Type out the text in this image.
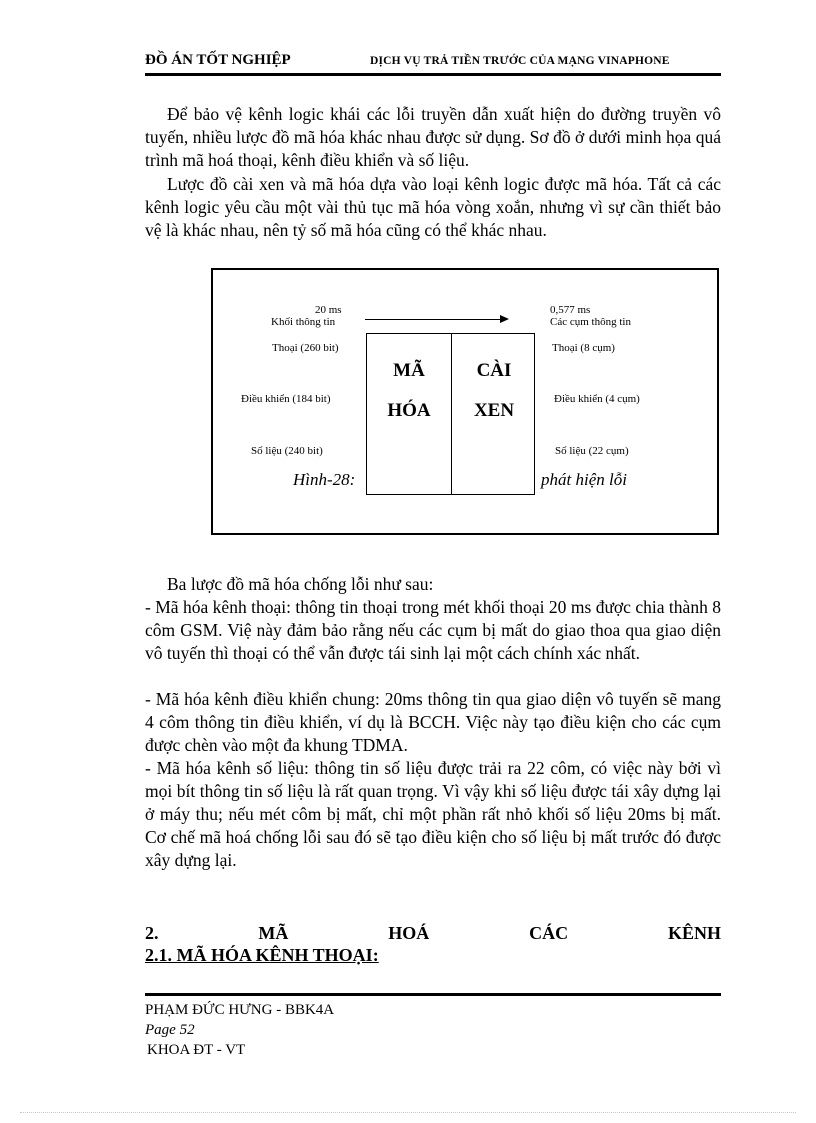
ĐỒ ÁN TỐT NGHIỆP	DỊCH VỤ TRẢ TIỀN TRƯỚC CỦA MẠNG VINAPHONE
Để bảo vệ kênh logic khái các lỗi truyền dẫn xuất hiện do đường truyền vô tuyến, nhiều lược đồ mã hóa khác nhau được sử dụng. Sơ đồ ở dưới minh họa quá trình mã hoá thoại, kênh điều khiển và số liệu.
Lược đồ cài xen và mã hóa dựa vào loại kênh logic được mã hóa. Tất cả các kênh logic yêu cầu một vài thủ tục mã hóa vòng xoắn, nhưng vì sự cần thiết bảo vệ là khác nhau, nên tỷ số mã hóa cũng có thể khác nhau.
20 ms
Khối thông tin
0,577 ms
Các cụm thông tin
Thoại (260 bit)
Điều khiển (184 bit)
Số liệu (240 bit)
Thoại (8 cụm)
Điều khiển (4 cụm)
Số liệu (22 cụm)
MÃ
HÓA
CÀI
XEN
Hình-28:	phát hiện lỗi
Ba lược đồ mã hóa chống lỗi như sau:
- Mã hóa kênh thoại: thông tin thoại trong mét khối thoại 20 ms được chia thành 8 côm GSM. Việ này đảm bảo rằng nếu các cụm bị mất do giao thoa qua giao diện vô tuyến thì thoại có thể vẫn được tái sinh lại một cách chính xác nhất.
- Mã hóa kênh điều khiển chung: 20ms thông tin qua giao diện vô tuyến sẽ mang 4 côm thông tin điều khiển, ví dụ là BCCH. Việc này tạo điều kiện cho các cụm được chèn vào một đa khung TDMA.
- Mã hóa kênh số liệu: thông tin số liệu được trải ra 22 côm, có việc này bởi vì mọi bít thông tin số liệu là rất quan trọng. Vì vậy khi số liệu được tái xây dựng lại ở máy thu; nếu mét côm bị mất, chỉ một phần rất nhỏ khối số liệu 20ms bị mất. Cơ chế mã hoá chống lỗi sau đó sẽ tạo điều kiện cho số liệu bị mất trước đó được xây dựng lại.
2.	MÃ	HOÁ	CÁC	KÊNH
2.1. MÃ HÓA KÊNH THOẠI:
PHẠM ĐỨC HƯNG - BBK4A
Page 52
KHOA ĐT - VT
